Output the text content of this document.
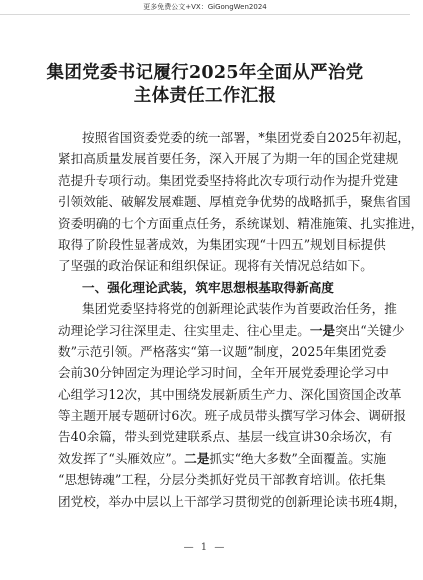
更多免费公文+VX：GiGongWen2024
集团党委书记履行2025年全面从严治党
主体责任工作汇报
按照省国资委党委的统一部署，*集团党委自2025年初起，
紧扣高质量发展首要任务，深入开展了为期一年的国企党建规
范提升专项行动。集团党委坚持将此次专项行动作为提升党建
引领效能、破解发展难题、厚植竞争优势的战略抓手，聚焦省国
资委明确的七个方面重点任务，系统谋划、精准施策、扎实推进，
取得了阶段性显著成效，为集团实现“十四五”规划目标提供
了坚强的政治保证和组织保证。现将有关情况总结如下。
一、强化理论武装，筑牢思想根基取得新高度
集团党委坚持将党的创新理论武装作为首要政治任务，推
动理论学习往深里走、往实里走、往心里走。一是突出“关键少
数”示范引领。严格落实“第一议题”制度，2025年集团党委
会前30分钟固定为理论学习时间，全年开展党委理论学习中
心组学习12次，其中围绕发展新质生产力、深化国资国企改革
等主题开展专题研讨6次。班子成员带头撰写学习体会、调研报
告40余篇，带头到党建联系点、基层一线宣讲30余场次，有
效发挥了“头雁效应”。二是抓实“绝大多数”全面覆盖。实施
“思想铸魂”工程，分层分类抓好党员干部教育培训。依托集
团党校，举办中层以上干部学习贯彻党的创新理论读书班4期，
— 1 —
